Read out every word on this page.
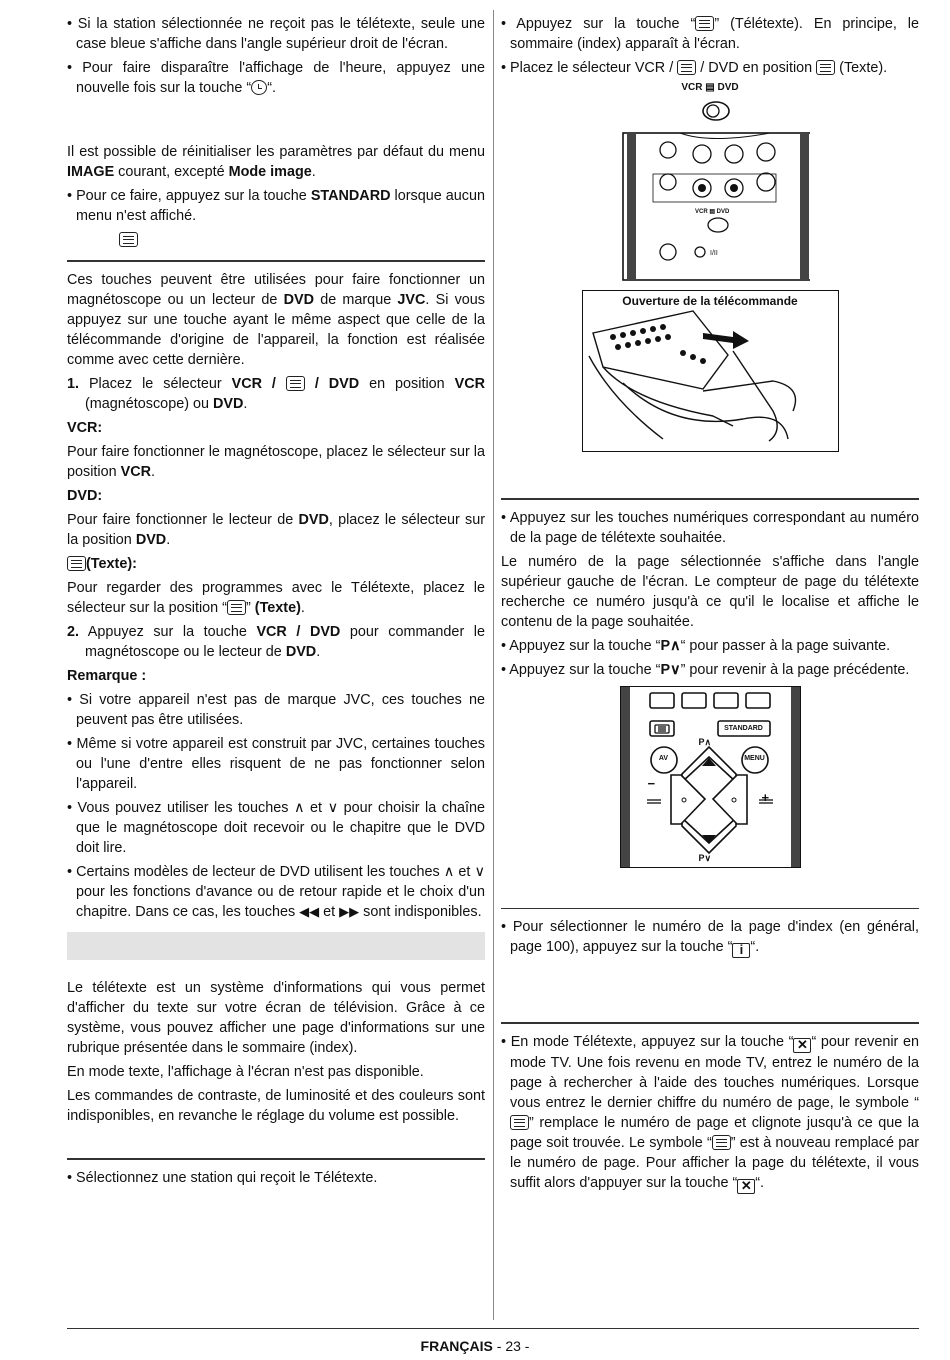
• Si la station sélectionnée ne reçoit pas le télétexte, seule une case bleue s'affiche dans l'angle supérieur droit de l'écran.

• Pour faire disparaître l'affichage de l'heure, appuyez une nouvelle fois sur la touche “ “.

Il est possible de réinitialiser les paramètres par défaut du menu IMAGE courant, excepté Mode image.

• Pour ce faire, appuyez sur la touche STANDARD lorsque aucun menu n'est affiché.

Ces touches peuvent être utilisées pour faire fonctionner un magnétoscope ou un lecteur de DVD de marque JVC. Si vous appuyez sur une touche ayant le même aspect que celle de la télécommande d'origine de l'appareil, la fonction est réalisée comme avec cette dernière.

1. Placez le sélecteur VCR /  / DVD en position VCR (magnétoscope) ou DVD.

VCR:

Pour faire fonctionner le magnétoscope, placez le sélecteur sur la position VCR.

DVD:

Pour faire fonctionner le lecteur de DVD, placez le sélecteur sur la position DVD.

(Texte):

Pour regarder des programmes avec le Télétexte, placez le sélecteur sur la position “ ” (Texte).

2. Appuyez sur la touche VCR / DVD pour commander le magnétoscope ou le lecteur de DVD.

Remarque :

• Si votre appareil n'est pas de marque JVC, ces touches ne peuvent pas être utilisées.

• Même si votre appareil est construit par JVC, certaines touches ou l'une d'entre elles risquent de ne pas fonctionner selon l'appareil.

• Vous pouvez utiliser les touches ∧ et ∨ pour choisir la chaîne que le magnétoscope doit recevoir ou le chapitre que le DVD doit lire.

• Certains modèles de lecteur de DVD utilisent les touches ∧ et ∨ pour les fonctions d'avance ou de retour rapide et le choix d'un chapitre. Dans ce cas, les touches ◀◀ et ▶▶ sont indisponibles.

Le télétexte est un système d'informations qui vous permet d'afficher du texte sur votre écran de télévision. Grâce à ce système, vous pouvez afficher une page d'informations sur une rubrique présentée dans le sommaire (index).

En mode texte, l'affichage à l'écran n'est pas disponible.

Les commandes de contraste, de luminosité et des couleurs sont indisponibles, en revanche le réglage du volume est possible.

• Sélectionnez une station qui reçoit le Télétexte.

• Appuyez sur la touche “ ” (Télétexte). En principe, le sommaire (index) apparaît à l'écran.

• Placez le sélecteur VCR /  / DVD en position  (Texte).

VCR ▤ DVD
VCR ▤ DVD
I/II
Ouverture de la télécommande

• Appuyez sur les touches numériques correspondant au numéro de la page de télétexte souhaitée.

Le numéro de la page sélectionnée s'affiche dans l'angle supérieur gauche de l'écran. Le compteur de page du télétexte recherche ce numéro jusqu'à ce qu'il le localise et affiche le contenu de la page souhaitée.

• Appuyez sur la touche “P∧“ pour passer à la page suivante.

• Appuyez sur la touche “P∨” pour revenir à la page précédente.

STANDARD
AV	MENU
P∧
P∨
−
+

• Pour sélectionner le numéro de la page d'index (en général, page 100), appuyez sur la touche “ i “.

• En mode Télétexte, appuyez sur la touche “ ✕ “ pour revenir en mode TV. Une fois revenu en mode TV, entrez le numéro de la page à rechercher à l'aide des touches numériques. Lorsque vous entrez le dernier chiffre du numéro de page, le symbole “” remplace le numéro de page et clignote jusqu'à ce que la page soit trouvée. Le symbole “ ” est à nouveau remplacé par le numéro de page. Pour afficher la page du télétexte, il vous suffit alors d'appuyer sur la touche “ ✕ “.

FRANÇAIS - 23 -
